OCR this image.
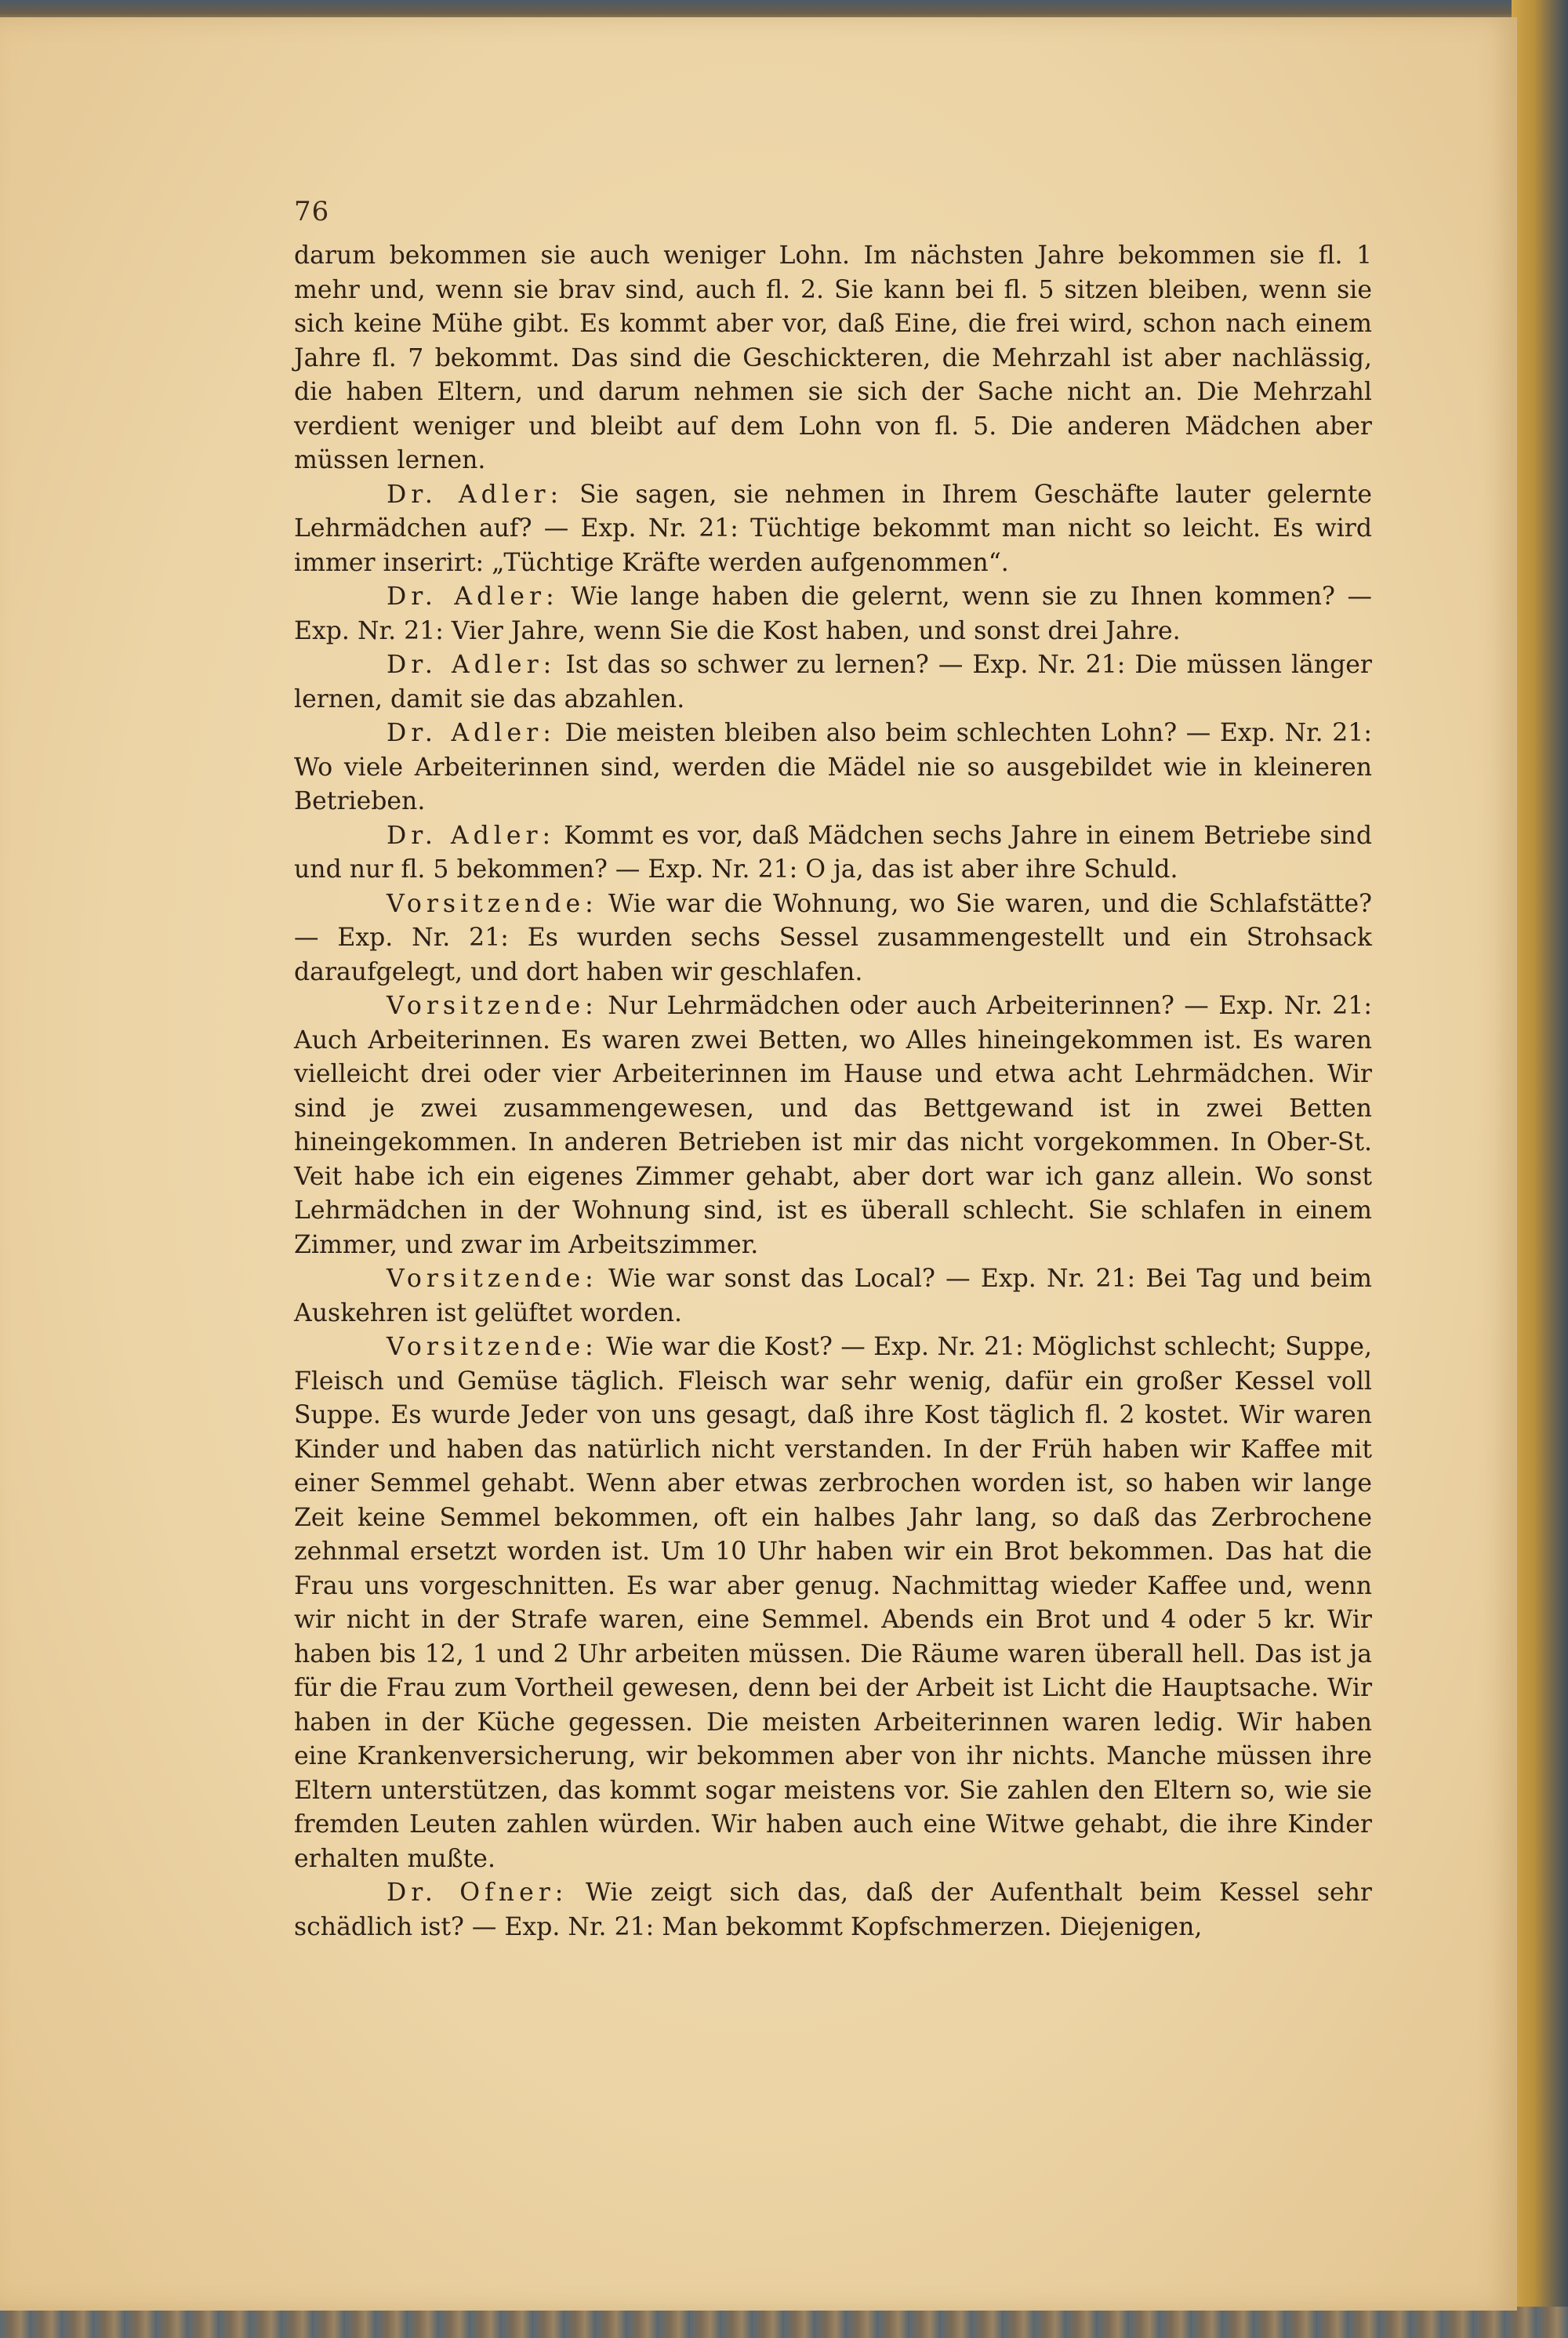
76

darum bekommen sie auch weniger Lohn. Im nächsten Jahre bekommen sie fl. 1 mehr und, wenn sie brav sind, auch fl. 2. Sie kann bei fl. 5 sitzen bleiben, wenn sie sich keine Mühe gibt. Es kommt aber vor, daß Eine, die frei wird, schon nach einem Jahre fl. 7 bekommt. Das sind die Geschickteren, die Mehrzahl ist aber nachlässig, die haben Eltern, und darum nehmen sie sich der Sache nicht an. Die Mehrzahl verdient weniger und bleibt auf dem Lohn von fl. 5. Die anderen Mädchen aber müssen lernen.

Dr. Adler: Sie sagen, sie nehmen in Ihrem Geschäfte lauter gelernte Lehrmädchen auf? — Exp. Nr. 21: Tüchtige bekommt man nicht so leicht. Es wird immer inserirt: „Tüchtige Kräfte werden aufgenommen“.

Dr. Adler: Wie lange haben die gelernt, wenn sie zu Ihnen kommen? — Exp. Nr. 21: Vier Jahre, wenn Sie die Kost haben, und sonst drei Jahre.

Dr. Adler: Ist das so schwer zu lernen? — Exp. Nr. 21: Die müssen länger lernen, damit sie das abzahlen.

Dr. Adler: Die meisten bleiben also beim schlechten Lohn? — Exp. Nr. 21: Wo viele Arbeiterinnen sind, werden die Mädel nie so ausgebildet wie in kleineren Betrieben.

Dr. Adler: Kommt es vor, daß Mädchen sechs Jahre in einem Betriebe sind und nur fl. 5 bekommen? — Exp. Nr. 21: O ja, das ist aber ihre Schuld.

Vorsitzende: Wie war die Wohnung, wo Sie waren, und die Schlafstätte? — Exp. Nr. 21: Es wurden sechs Sessel zusammengestellt und ein Strohsack daraufgelegt, und dort haben wir geschlafen.

Vorsitzende: Nur Lehrmädchen oder auch Arbeiterinnen? — Exp. Nr. 21: Auch Arbeiterinnen. Es waren zwei Betten, wo Alles hineingekommen ist. Es waren vielleicht drei oder vier Arbeiterinnen im Hause und etwa acht Lehrmädchen. Wir sind je zwei zusammengewesen, und das Bettgewand ist in zwei Betten hineingekommen. In anderen Betrieben ist mir das nicht vorgekommen. In Ober-St. Veit habe ich ein eigenes Zimmer gehabt, aber dort war ich ganz allein. Wo sonst Lehrmädchen in der Wohnung sind, ist es überall schlecht. Sie schlafen in einem Zimmer, und zwar im Arbeitszimmer.

Vorsitzende: Wie war sonst das Local? — Exp. Nr. 21: Bei Tag und beim Auskehren ist gelüftet worden.

Vorsitzende: Wie war die Kost? — Exp. Nr. 21: Möglichst schlecht; Suppe, Fleisch und Gemüse täglich. Fleisch war sehr wenig, dafür ein großer Kessel voll Suppe. Es wurde Jeder von uns gesagt, daß ihre Kost täglich fl. 2 kostet. Wir waren Kinder und haben das natürlich nicht verstanden. In der Früh haben wir Kaffee mit einer Semmel gehabt. Wenn aber etwas zerbrochen worden ist, so haben wir lange Zeit keine Semmel bekommen, oft ein halbes Jahr lang, so daß das Zerbrochene zehnmal ersetzt worden ist. Um 10 Uhr haben wir ein Brot bekommen. Das hat die Frau uns vorgeschnitten. Es war aber genug. Nachmittag wieder Kaffee und, wenn wir nicht in der Strafe waren, eine Semmel. Abends ein Brot und 4 oder 5 kr. Wir haben bis 12, 1 und 2 Uhr arbeiten müssen. Die Räume waren überall hell. Das ist ja für die Frau zum Vortheil gewesen, denn bei der Arbeit ist Licht die Hauptsache. Wir haben in der Küche gegessen. Die meisten Arbeiterinnen waren ledig. Wir haben eine Krankenversicherung, wir bekommen aber von ihr nichts. Manche müssen ihre Eltern unterstützen, das kommt sogar meistens vor. Sie zahlen den Eltern so, wie sie fremden Leuten zahlen würden. Wir haben auch eine Witwe gehabt, die ihre Kinder erhalten mußte.

Dr. Ofner: Wie zeigt sich das, daß der Aufenthalt beim Kessel sehr schädlich ist? — Exp. Nr. 21: Man bekommt Kopfschmerzen. Diejenigen,
